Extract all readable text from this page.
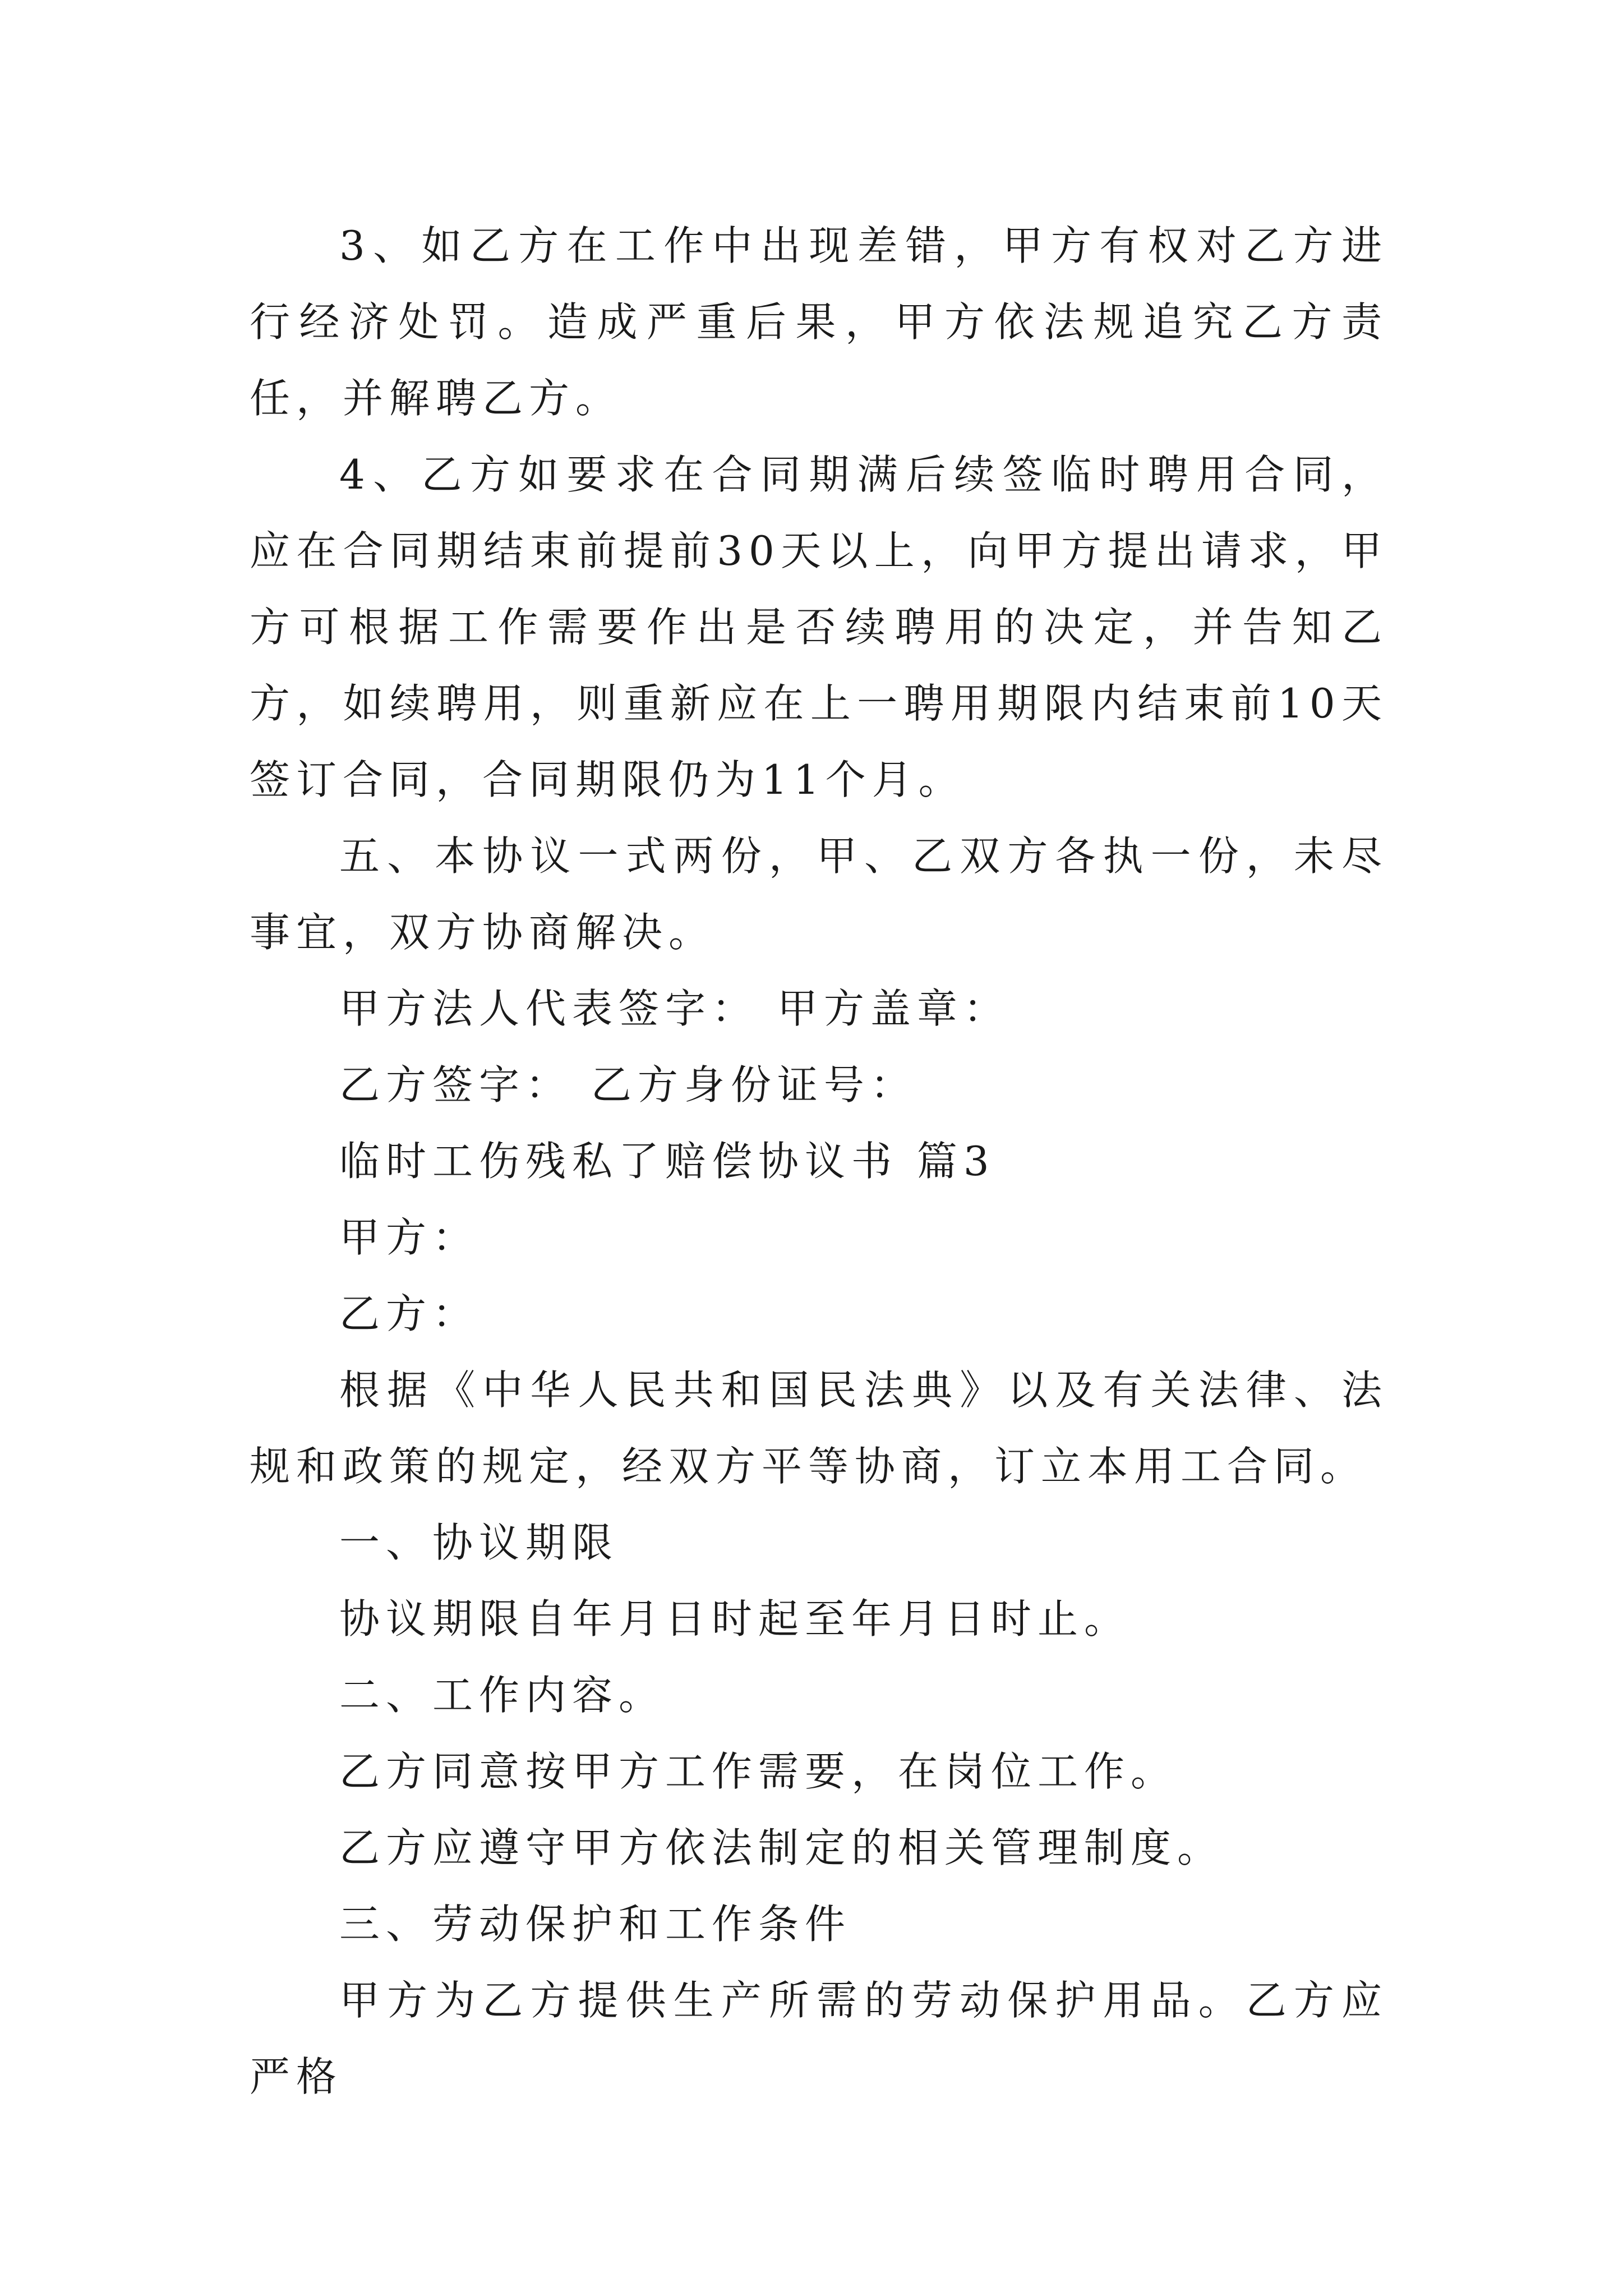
3、如乙方在工作中出现差错，甲方有权对乙方进行经济处罚。造成严重后果，甲方依法规追究乙方责任，并解聘乙方。

4、乙方如要求在合同期满后续签临时聘用合同，应在合同期结束前提前30天以上，向甲方提出请求，甲方可根据工作需要作出是否续聘用的决定，并告知乙方，如续聘用，则重新应在上一聘用期限内结束前10天签订合同，合同期限仍为11个月。

五、本协议一式两份，甲、乙双方各执一份，未尽事宜，双方协商解决。

甲方法人代表签字： 甲方盖章：

乙方签字： 乙方身份证号：

临时工伤残私了赔偿协议书 篇3

甲方：

乙方：

根据《中华人民共和国民法典》以及有关法律、法规和政策的规定，经双方平等协商，订立本用工合同。

一、协议期限

协议期限自年月日时起至年月日时止。

二、工作内容。

乙方同意按甲方工作需要，在岗位工作。

乙方应遵守甲方依法制定的相关管理制度。

三、劳动保护和工作条件

甲方为乙方提供生产所需的劳动保护用品。乙方应严格
